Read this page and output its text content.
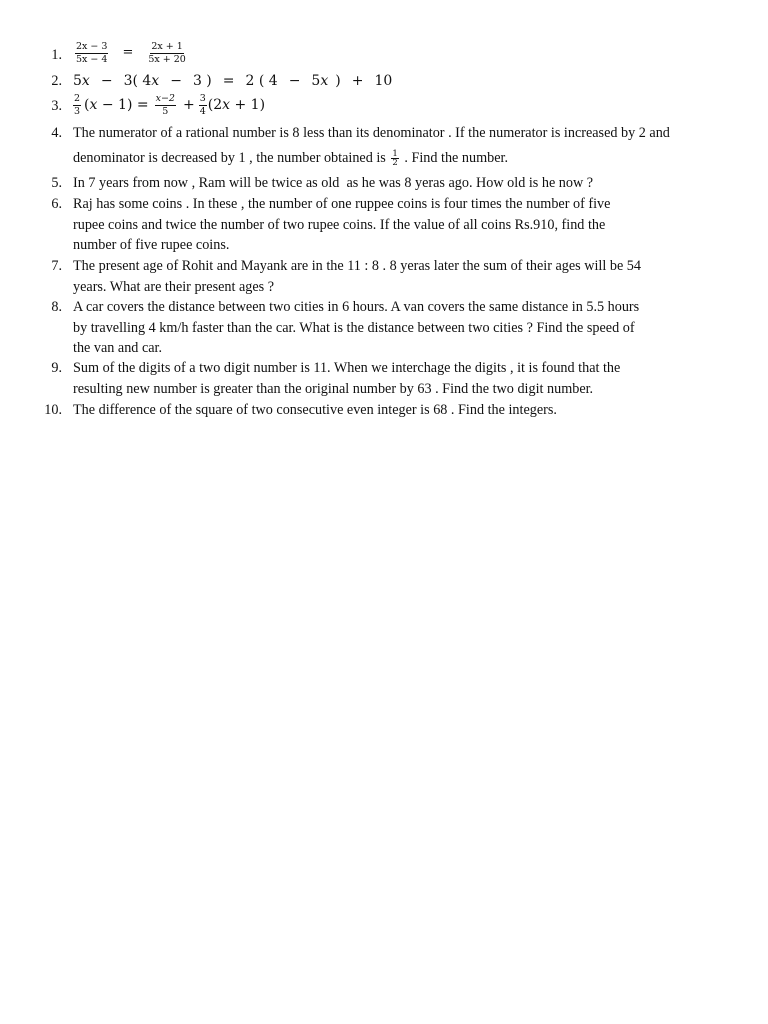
1. $\frac{2x - 3}{5x - 4} = \frac{2x + 1}{5x + 20}$
2. 5 x − 3( 4 x − 3 ) = 2 ( 4 − 5 x ) + 10
3. $\frac{2}{3}$ ( $x - 1) = \frac{x-2}{5} + \frac{3}{4} (2$ x + 1)
4. The numerator of a rational number is 8 less than its denominator . If the numerator is increased by 2 and
denominator is decreased by 1 , the number obtained is $\frac{1}{2}$ . Find the number.
5. In 7 years from now , Ram will be twice as old  as he was 8 yeras ago. How old is he now ?
6. Raj has some coins . In these , the number of one ruppee coins is four times the number of five
rupee coins and twice the number of two rupee coins. If the value of all coins Rs.910, find the
number of five rupee coins.
7. The present age of Rohit and Mayank are in the 11 : 8 . 8 yeras later the sum of their ages will be 54
years. What are their present ages ?
8. A car covers the distance between two cities in 6 hours. A van covers the same distance in 5.5 hours
by travelling 4 km/h faster than the car. What is the distance between two cities ? Find the speed of
the van and car.
9. Sum of the digits of a two digit number is 11. When we interchage the digits , it is found that the
resulting new number is greater than the original number by 63 . Find the two digit number.
10. The difference of the square of two consecutive even integer is 68 . Find the integers.
